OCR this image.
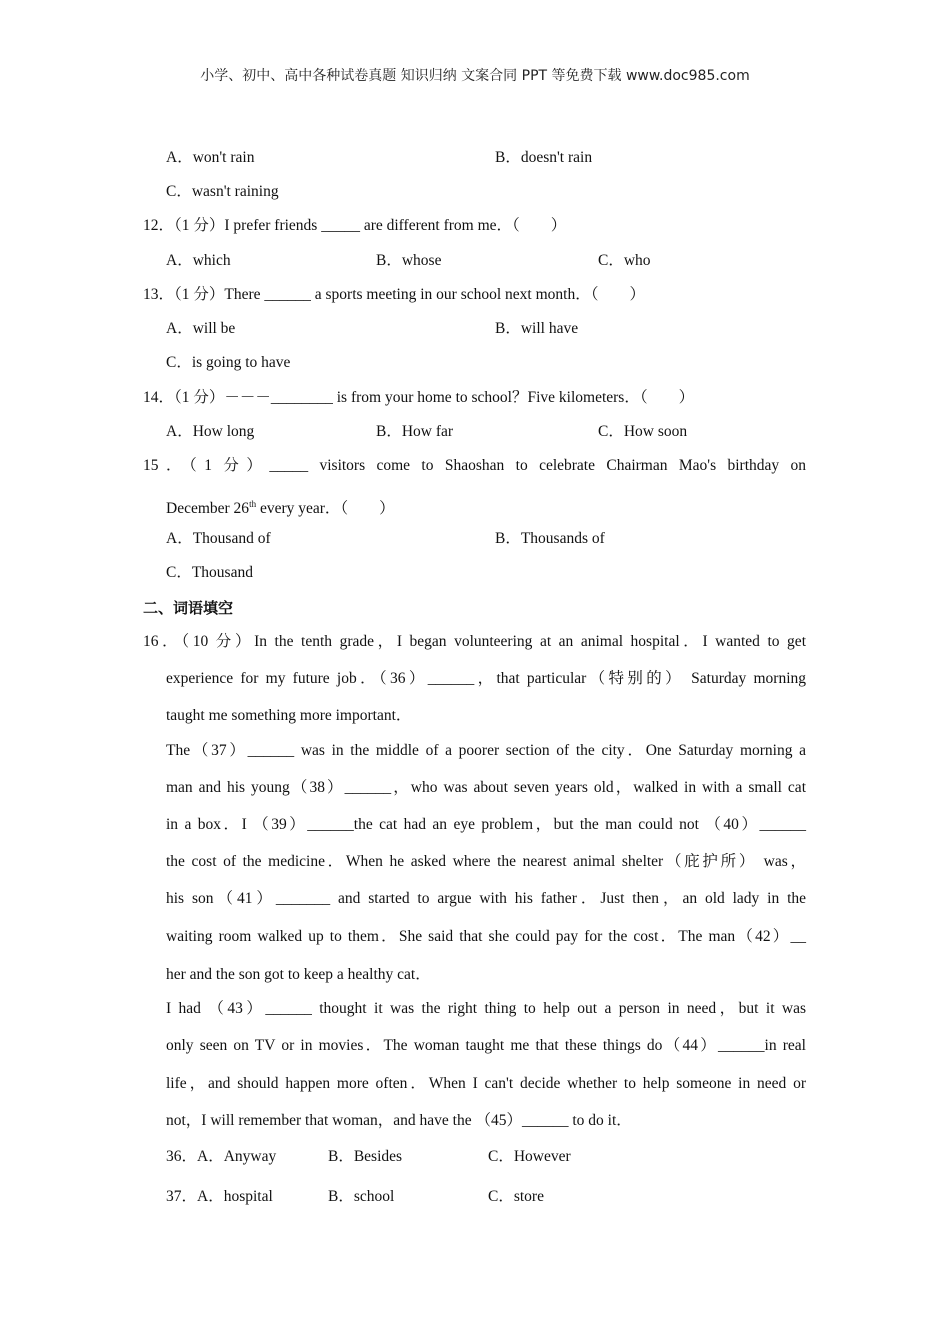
小学、初中、高中各种试卷真题 知识归纳 文案合同 PPT 等免费下载 www.doc985.com
A．won't rain	B．doesn't rain
C．wasn't raining
12．（1 分）I prefer friends _____ are different from me．（　　）
A．which	B．whose	C．who
13．（1 分）There ______ a sports meeting in our school next month．（　　）
A．will be	B．will have
C．is going to have
14．（1 分）－－－________ is from your home to school？Five kilometers．（　　）
A．How long	B．How far	C．How soon
15．（1 分）_____ visitors come to Shaoshan to celebrate Chairman Mao's birthday on
December 26th every year．（　　）
A．Thousand of	B．Thousands of
C．Thousand
二、词语填空
16．（10 分）In the tenth grade，I began volunteering at an animal hospital．I wanted to get
experience for my future job．（36）______，that particular（特别的） Saturday morning
taught me something more important．
The（37）______ was in the middle of a poorer section of the city．One Saturday morning a
man and his young（38）______，who was about seven years old，walked in with a small cat
in a box．I （39）______the cat had an eye problem，but the man could not （40）______
the cost of the medicine．When he asked where the nearest animal shelter（庇护所） was，
his son（41）_______ and started to argue with his father．Just then，an old lady in the
waiting room walked up to them．She said that she could pay for the cost．The man（42）__
her and the son got to keep a healthy cat．
I had （43）______ thought it was the right thing to help out a person in need，but it was
only seen on TV or in movies．The woman taught me that these things do（44）______in real
life，and should happen more often．When I can't decide whether to help someone in need or
not，I will remember that woman，and have the （45）______ to do it．
36．A．Anyway	B．Besides	C．However
37．A．hospital	B．school	C．store
